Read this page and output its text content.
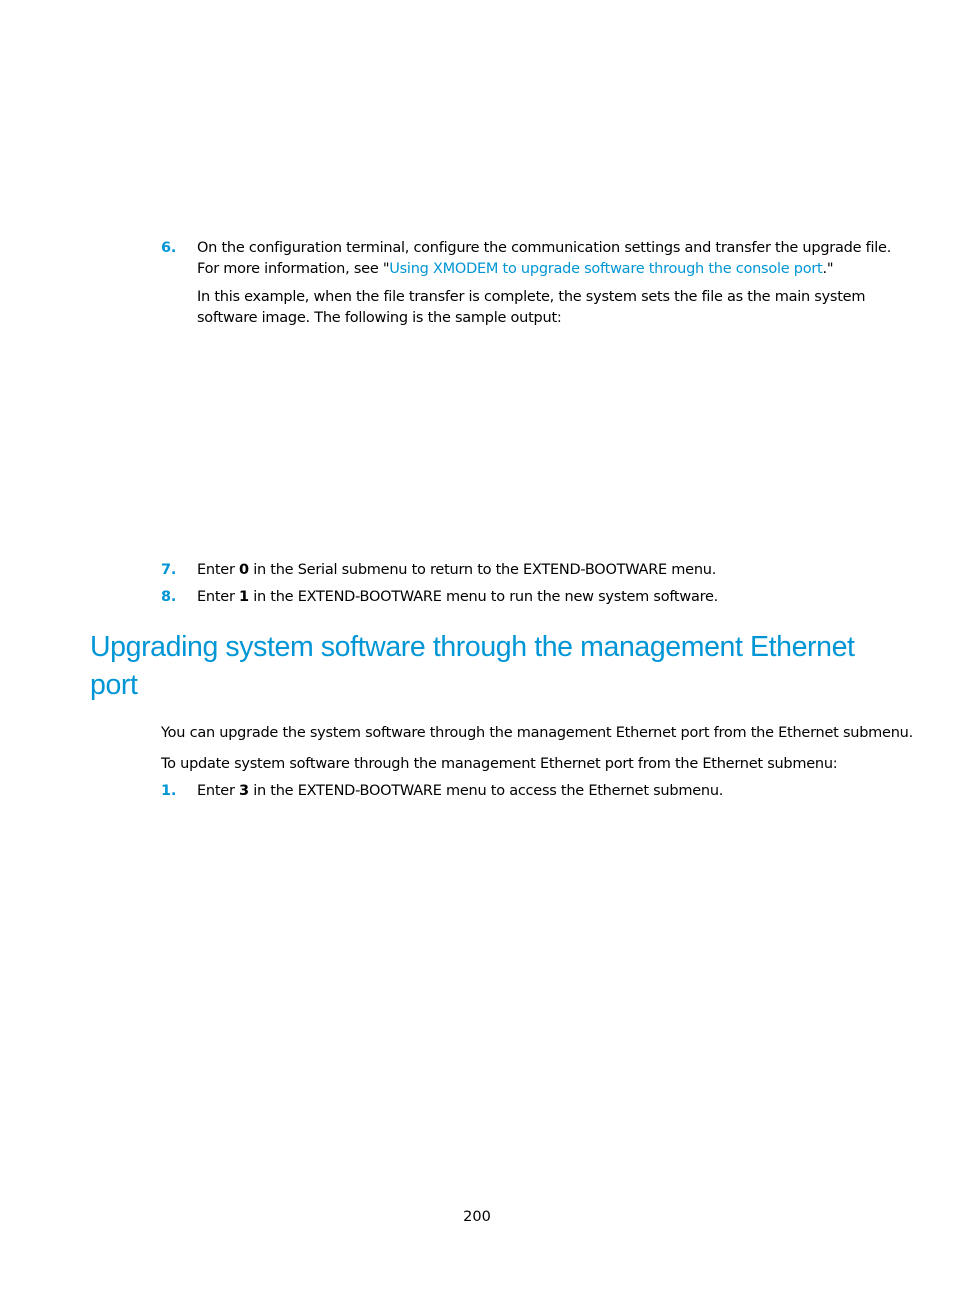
6. On the configuration terminal, configure the communication settings and transfer the upgrade file.
For more information, see "Using XMODEM to upgrade software through the console port."
In this example, when the file transfer is complete, the system sets the file as the main system
software image. The following is the sample output:
7. Enter 0 in the Serial submenu to return to the EXTEND-BOOTWARE menu.
8. Enter 1 in the EXTEND-BOOTWARE menu to run the new system software.
Upgrading system software through the management Ethernet
port
You can upgrade the system software through the management Ethernet port from the Ethernet submenu.
To update system software through the management Ethernet port from the Ethernet submenu:
1. Enter 3 in the EXTEND-BOOTWARE menu to access the Ethernet submenu.
200
